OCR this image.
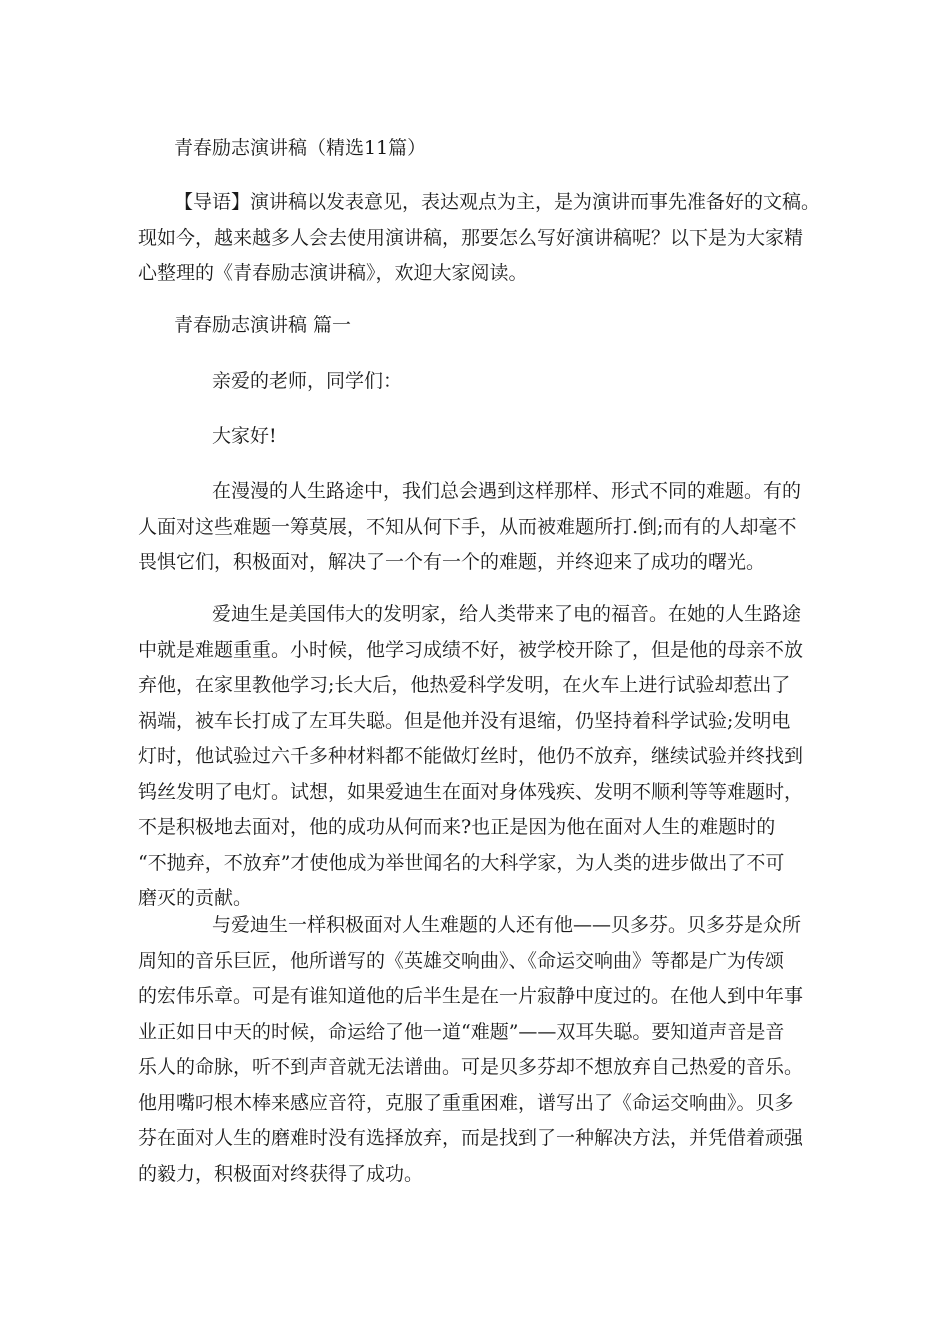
青春励志演讲稿（精选11篇）
【导语】演讲稿以发表意见，表达观点为主，是为演讲而事先准备好的文稿。
现如今，越来越多人会去使用演讲稿，那要怎么写好演讲稿呢？以下是为大家精
心整理的《青春励志演讲稿》，欢迎大家阅读。
青春励志演讲稿 篇一
亲爱的老师，同学们：
大家好!
在漫漫的人生路途中，我们总会遇到这样那样、形式不同的难题。有的
人面对这些难题一筹莫展，不知从何下手，从而被难题所打.倒;而有的人却毫不
畏惧它们，积极面对，解决了一个有一个的难题，并终迎来了成功的曙光。
爱迪生是美国伟大的发明家，给人类带来了电的福音。在她的人生路途
中就是难题重重。小时候，他学习成绩不好，被学校开除了，但是他的母亲不放
弃他，在家里教他学习;长大后，他热爱科学发明，在火车上进行试验却惹出了
祸端，被车长打成了左耳失聪。但是他并没有退缩，仍坚持着科学试验;发明电
灯时，他试验过六千多种材料都不能做灯丝时，他仍不放弃，继续试验并终找到
钨丝发明了电灯。试想，如果爱迪生在面对身体残疾、发明不顺利等等难题时，
不是积极地去面对，他的成功从何而来?也正是因为他在面对人生的难题时的
“不抛弃，不放弃”才使他成为举世闻名的大科学家，为人类的进步做出了不可
磨灭的贡献。
与爱迪生一样积极面对人生难题的人还有他——贝多芬。贝多芬是众所
周知的音乐巨匠，他所谱写的《英雄交响曲》、《命运交响曲》等都是广为传颂
的宏伟乐章。可是有谁知道他的后半生是在一片寂静中度过的。在他人到中年事
业正如日中天的时候，命运给了他一道“难题”——双耳失聪。要知道声音是音
乐人的命脉，听不到声音就无法谱曲。可是贝多芬却不想放弃自己热爱的音乐。
他用嘴叼根木棒来感应音符，克服了重重困难，谱写出了《命运交响曲》。贝多
芬在面对人生的磨难时没有选择放弃，而是找到了一种解决方法，并凭借着顽强
的毅力，积极面对终获得了成功。
